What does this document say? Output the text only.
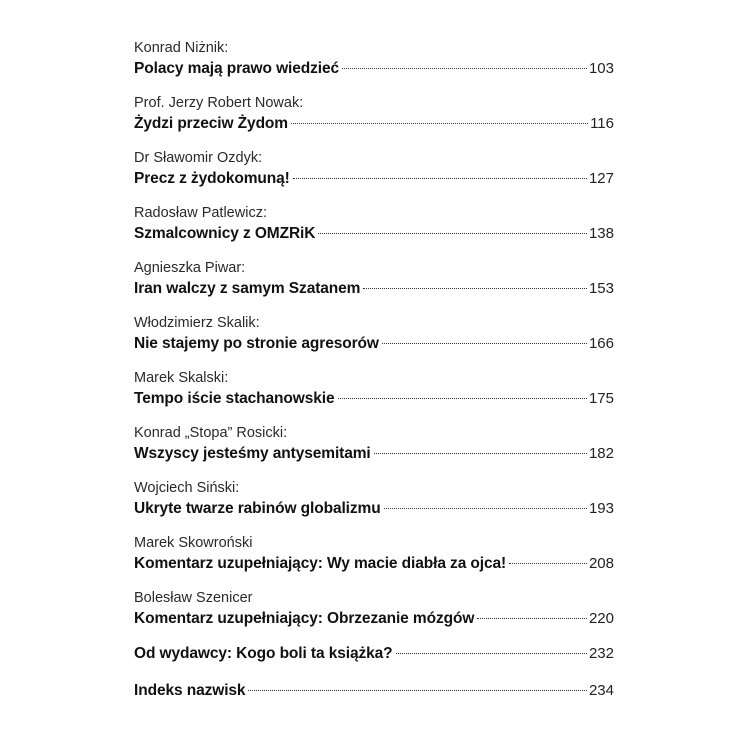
Konrad Niżnik:
Polacy mają prawo wiedzieć	103
Prof. Jerzy Robert Nowak:
Żydzi przeciw Żydom	116
Dr Sławomir Ozdyk:
Precz z żydokomuną!	127
Radosław Patlewicz:
Szmalcownicy z OMZRiK	138
Agnieszka Piwar:
Iran walczy z samym Szatanem	153
Włodzimierz Skalik:
Nie stajemy po stronie agresorów	166
Marek Skalski:
Tempo iście stachanowskie	175
Konrad „Stopa” Rosicki:
Wszyscy jesteśmy antysemitami	182
Wojciech Siński:
Ukryte twarze rabinów globalizmu	193
Marek Skowroński
Komentarz uzupełniający: Wy macie diabła za ojca!	208
Bolesław Szenicer
Komentarz uzupełniający: Obrzezanie mózgów	220
Od wydawcy: Kogo boli ta książka?	232
Indeks nazwisk	234
